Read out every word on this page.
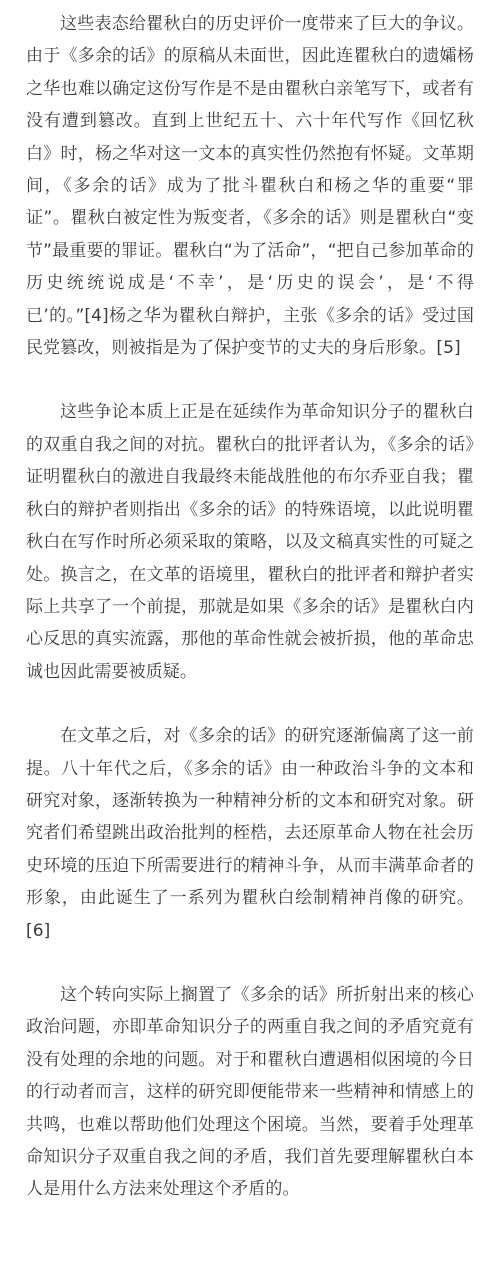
这些表态给瞿秋白的历史评价一度带来了巨大的争议。由于《多余的话》的原稿从未面世，因此连瞿秋白的遗孀杨之华也难以确定这份写作是不是由瞿秋白亲笔写下，或者有没有遭到篡改。直到上世纪五十、六十年代写作《回忆秋白》时，杨之华对这一文本的真实性仍然抱有怀疑。文革期间，《多余的话》成为了批斗瞿秋白和杨之华的重要“罪证”。瞿秋白被定性为叛变者，《多余的话》则是瞿秋白“变节”最重要的罪证。瞿秋白“为了活命”，“把自己参加革命的历史统统说成是‘不幸’，是‘历史的误会’，是‘不得已’的。”[4]杨之华为瞿秋白辩护，主张《多余的话》受过国民党篡改，则被指是为了保护变节的丈夫的身后形象。[5]

这些争论本质上正是在延续作为革命知识分子的瞿秋白的双重自我之间的对抗。瞿秋白的批评者认为，《多余的话》证明瞿秋白的激进自我最终未能战胜他的布尔乔亚自我；瞿秋白的辩护者则指出《多余的话》的特殊语境，以此说明瞿秋白在写作时所必须采取的策略，以及文稿真实性的可疑之处。换言之，在文革的语境里，瞿秋白的批评者和辩护者实际上共享了一个前提，那就是如果《多余的话》是瞿秋白内心反思的真实流露，那他的革命性就会被折损，他的革命忠诚也因此需要被质疑。

在文革之后，对《多余的话》的研究逐渐偏离了这一前提。八十年代之后，《多余的话》由一种政治斗争的文本和研究对象，逐渐转换为一种精神分析的文本和研究对象。研究者们希望跳出政治批判的桎梏，去还原革命人物在社会历史环境的压迫下所需要进行的精神斗争，从而丰满革命者的形象，由此诞生了一系列为瞿秋白绘制精神肖像的研究。[6]

这个转向实际上搁置了《多余的话》所折射出来的核心政治问题，亦即革命知识分子的两重自我之间的矛盾究竟有没有处理的余地的问题。对于和瞿秋白遭遇相似困境的今日的行动者而言，这样的研究即便能带来一些精神和情感上的共鸣，也难以帮助他们处理这个困境。当然，要着手处理革命知识分子双重自我之间的矛盾，我们首先要理解瞿秋白本人是用什么方法来处理这个矛盾的。
